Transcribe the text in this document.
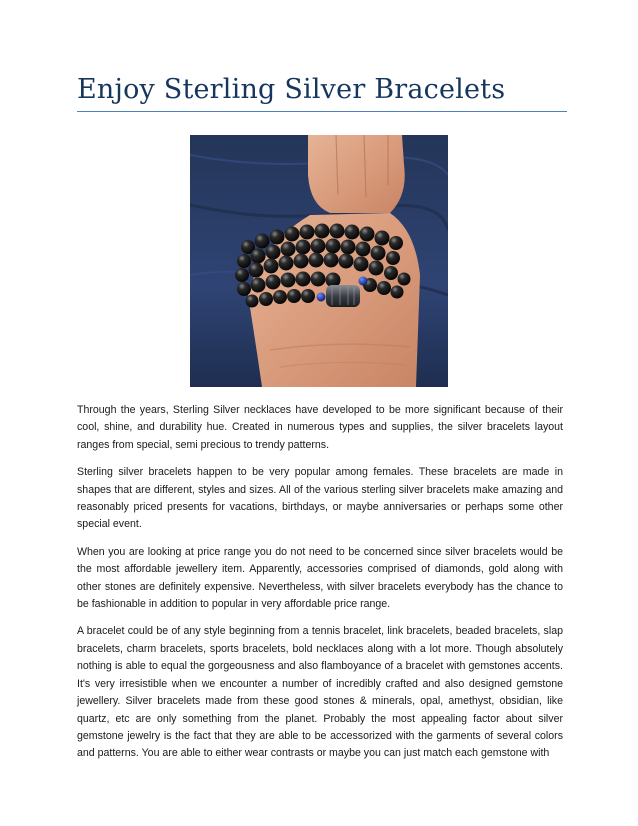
Enjoy Sterling Silver Bracelets

Through the years, Sterling Silver necklaces have developed to be more significant because of their cool, shine, and durability hue. Created in numerous types and supplies, the silver bracelets layout ranges from special, semi precious to trendy patterns.

Sterling silver bracelets happen to be very popular among females. These bracelets are made in shapes that are different, styles and sizes. All of the various sterling silver bracelets make amazing and reasonably priced presents for vacations, birthdays, or maybe anniversaries or perhaps some other special event.

When you are looking at price range you do not need to be concerned since silver bracelets would be the most affordable jewellery item. Apparently, accessories comprised of diamonds, gold along with other stones are definitely expensive. Nevertheless, with silver bracelets everybody has the chance to be fashionable in addition to popular in very affordable price range.

A bracelet could be of any style beginning from a tennis bracelet, link bracelets, beaded bracelets, slap bracelets, charm bracelets, sports bracelets, bold necklaces along with a lot more. Though absolutely nothing is able to equal the gorgeousness and also flamboyance of a bracelet with gemstones accents. It's very irresistible when we encounter a number of incredibly crafted and also designed gemstone jewellery. Silver bracelets made from these good stones & minerals, opal, amethyst, obsidian, like quartz, etc are only something from the planet. Probably the most appealing factor about silver gemstone jewelry is the fact that they are able to be accessorized with the garments of several colors and patterns. You are able to either wear contrasts or maybe you can just match each gemstone with
